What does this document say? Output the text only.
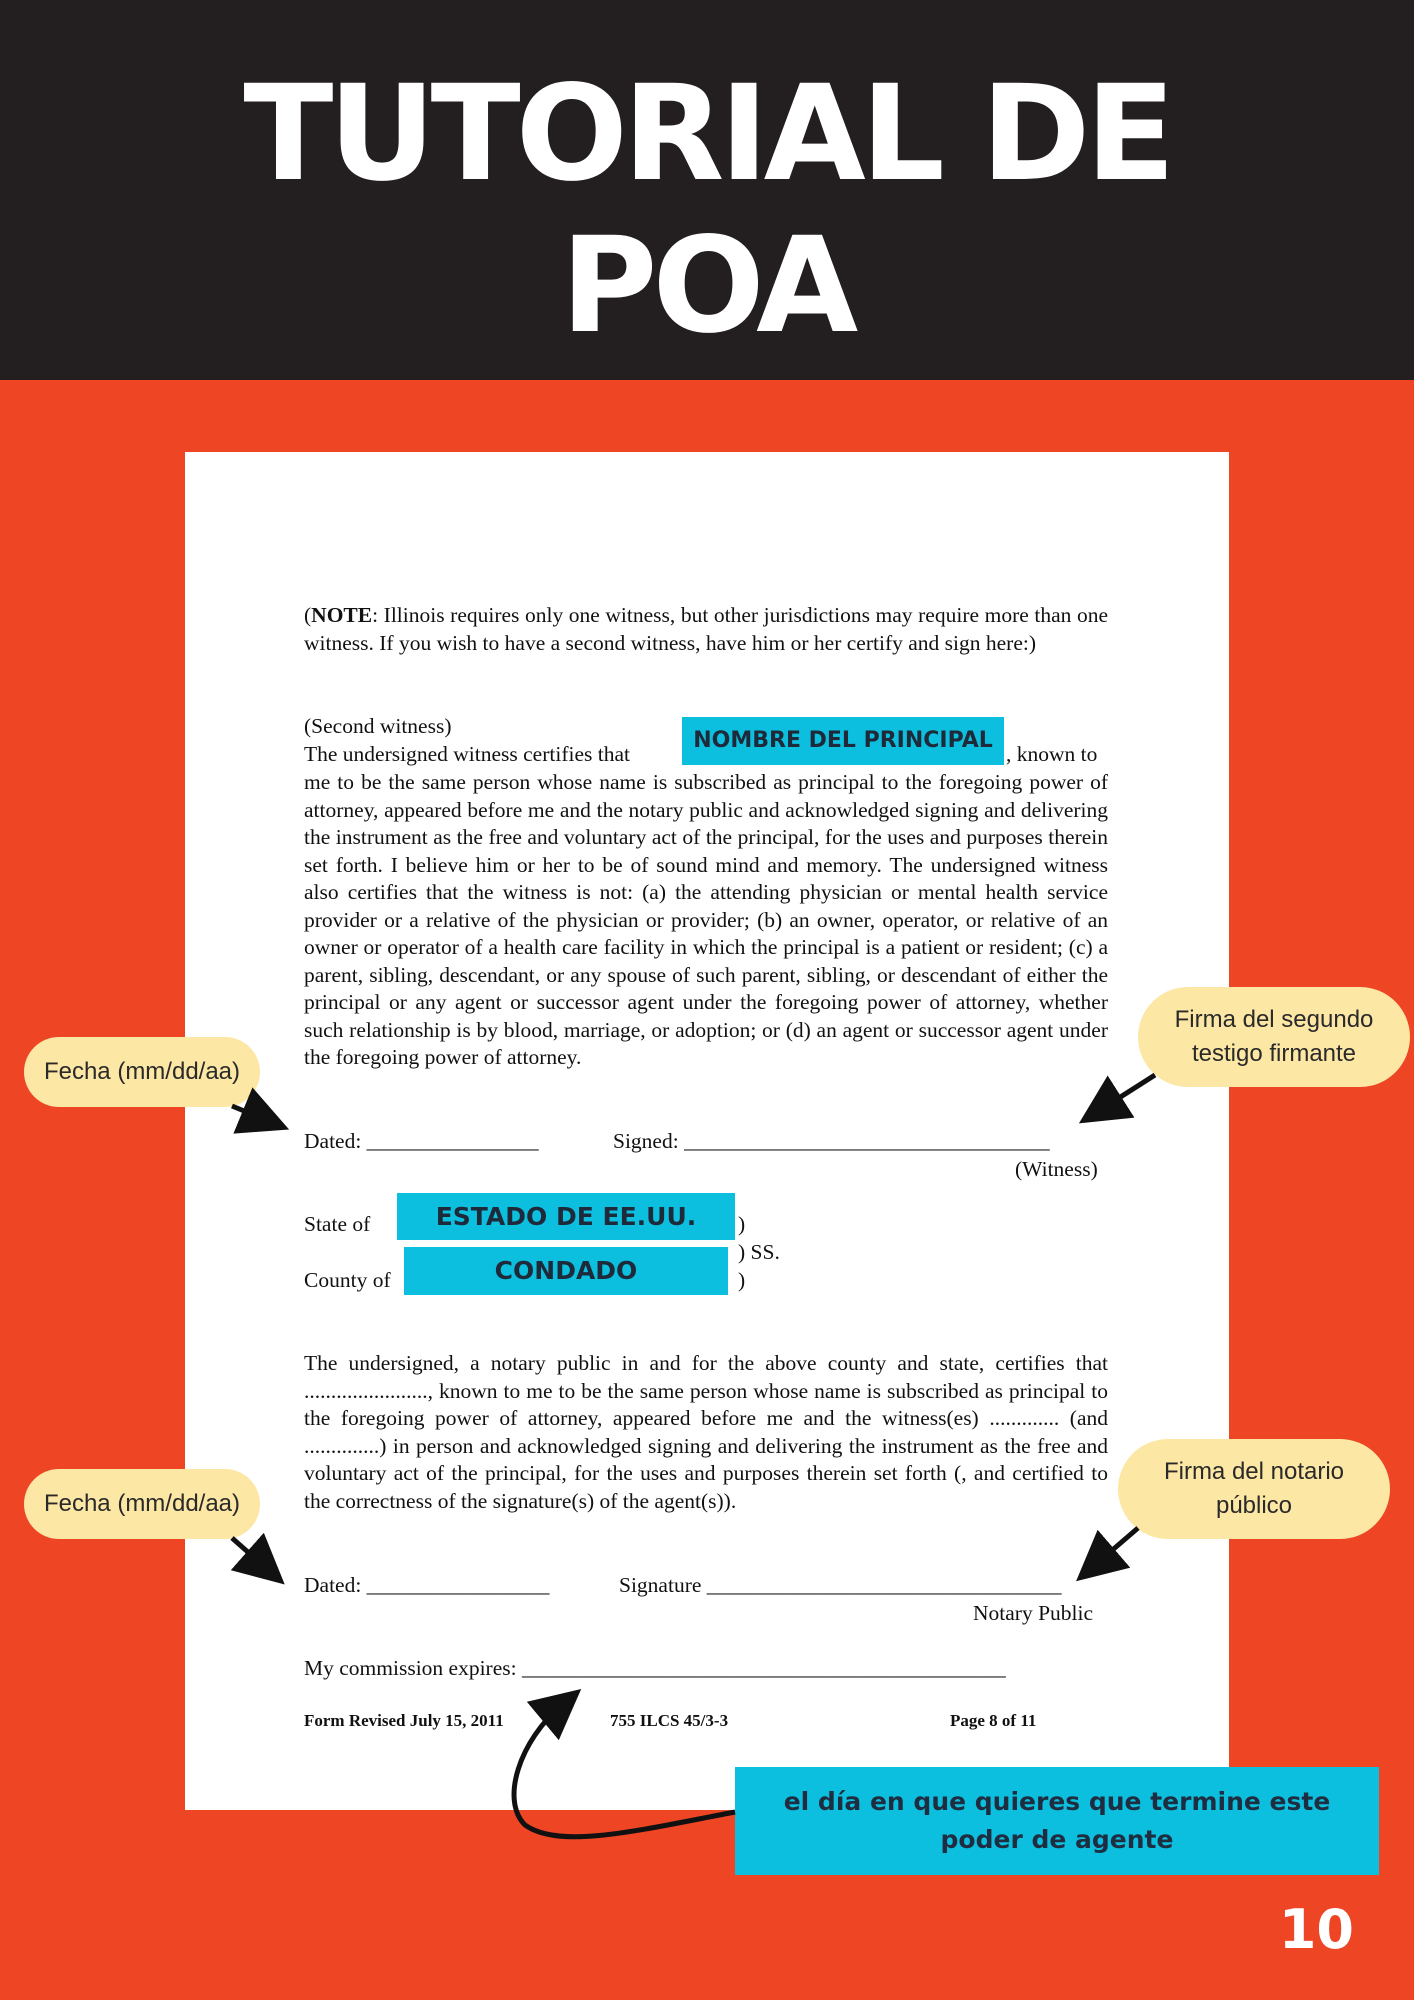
TUTORIAL DE
POA
(NOTE: Illinois requires only one witness, but other jurisdictions may require more than one witness. If you wish to have a second witness, have him or her certify and sign here:)
(Second witness)
The undersigned witness certifies that	, known to
me to be the same person whose name is subscribed as principal to the foregoing power of attorney, appeared before me and the notary public and acknowledged signing and delivering the instrument as the free and voluntary act of the principal, for the uses and purposes therein set forth. I believe him or her to be of sound mind and memory. The undersigned witness also certifies that the witness is not: (a) the attending physician or mental health service provider or a relative of the physician or provider; (b) an owner, operator, or relative of an owner or operator of a health care facility in which the principal is a patient or resident; (c) a parent, sibling, descendant, or any spouse of such parent, sibling, or descendant of either the principal or any agent or successor agent under the foregoing power of attorney, whether such relationship is by blood, marriage, or adoption; or (d) an agent or successor agent under the foregoing power of attorney.
Dated: ________________	Signed: __________________________________
(Witness)
State of	)
) SS.
County of	)
The undersigned, a notary public in and for the above county and state, certifies that ......................., known to me to be the same person whose name is subscribed as principal to the foregoing power of attorney, appeared before me and the witness(es) ............. (and ..............) in person and acknowledged signing and delivering the instrument as the free and voluntary act of the principal, for the uses and purposes therein set forth (, and certified to the correctness of the signature(s) of the agent(s)).
Dated: _________________	Signature _________________________________
Notary Public
My commission expires: _____________________________________________
Form Revised July 15, 2011	755 ILCS 45/3-3	Page 8 of 11
NOMBRE DEL PRINCIPAL
ESTADO DE EE.UU.
CONDADO
el día en que quieres que termine este poder de agente
Fecha (mm/dd/aa)
Firma del segundo testigo firmante
Fecha (mm/dd/aa)
Firma del notario público
10
